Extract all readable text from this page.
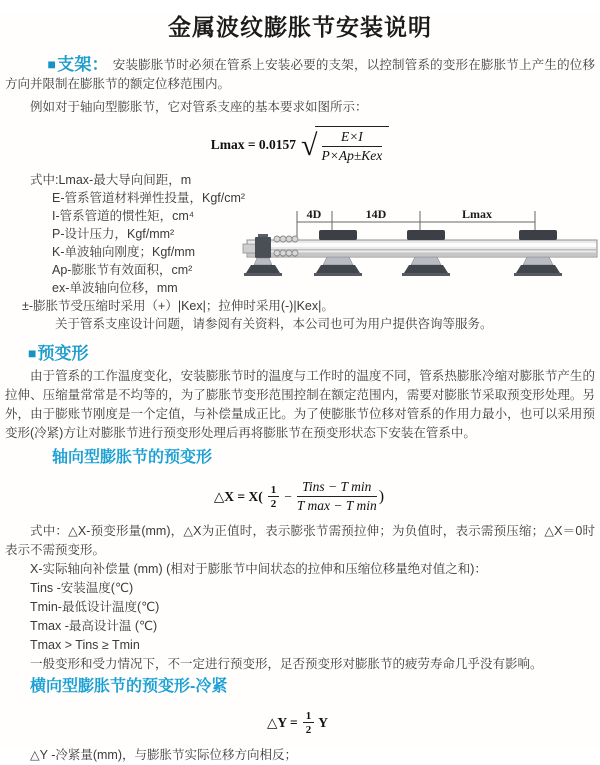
金属波纹膨胀节安装说明

■支架： 安装膨胀节时必须在管系上安装必要的支架，以控制管系的变形在膨胀节上产生的位移方向并限制在膨胀节的额定位移范围内。

例如对于轴向型膨胀节，它对管系支座的基本要求如图所示：

Lmax = 0.0157 √ $\frac{E\times I}{\text{P×Ap±Kex}}$
式中:Lmax-最大导向间距，m
E-管系管道材料弹性投量，Kgf/cm²
I-管系管道的惯性矩，cm⁴
P-设计压力，Kgf/mm²
K-单波轴向刚度；Kgf/mm
Ap-膨胀节有效面积，cm²
ex-单波轴向位移，mm
±-膨胀节受压缩时采用（+）|Kex|；拉伸时采用(-)|Kex|。
关于管系支座设计问题，请参阅有关资料，本公司也可为用户提供咨询等服务。
4D	14D	Lmax
■预变形

由于管系的工作温度变化，安装膨胀节时的温度与工作时的温度不同，管系热膨胀冷缩对膨胀节产生的拉伸、压缩量常常是不均等的，为了膨胀节变形范围控制在额定范围内，需要对膨胀节采取预变形处理。另外，由于膨账节刚度是一个定值，与补偿量成正比。为了使膨胀节位移对管系的作用力最小，也可以采用预变形(冷紧)方让对膨胀节进行预变形处理后再将膨胀节在预变形状态下安装在管系中。

轴向型膨胀节的预变形
△X = $X( \frac{1}{2} - \frac{\text{Tins − T min}}{\text{T max − T min}}$ )

式中：△X-预变形量(mm)，△X为正值时，表示膨张节需预拉伸；为负值时，表示需预压缩；△X＝0时表示不需预变形。

X-实际轴向补偿量 (mm) (相对于膨胀节中间状态的拉伸和压缩位移量绝对值之和)：
Tins -安装温度(℃)
Tmin-最低设计温度(℃)
Tmax -最高设计温 (℃)
Tmax > Tins ≥ Tmin

一般变形和受力情况下，不一定进行预变形，足否预变形对膨胀节的疲劳寿命几乎没有影响。

横向型膨胀节的预变形-冷紧
△Y = $\frac{1}{2}$ Y
△Y -冷紧量(mm)，与膨胀节实际位移方向相反；
